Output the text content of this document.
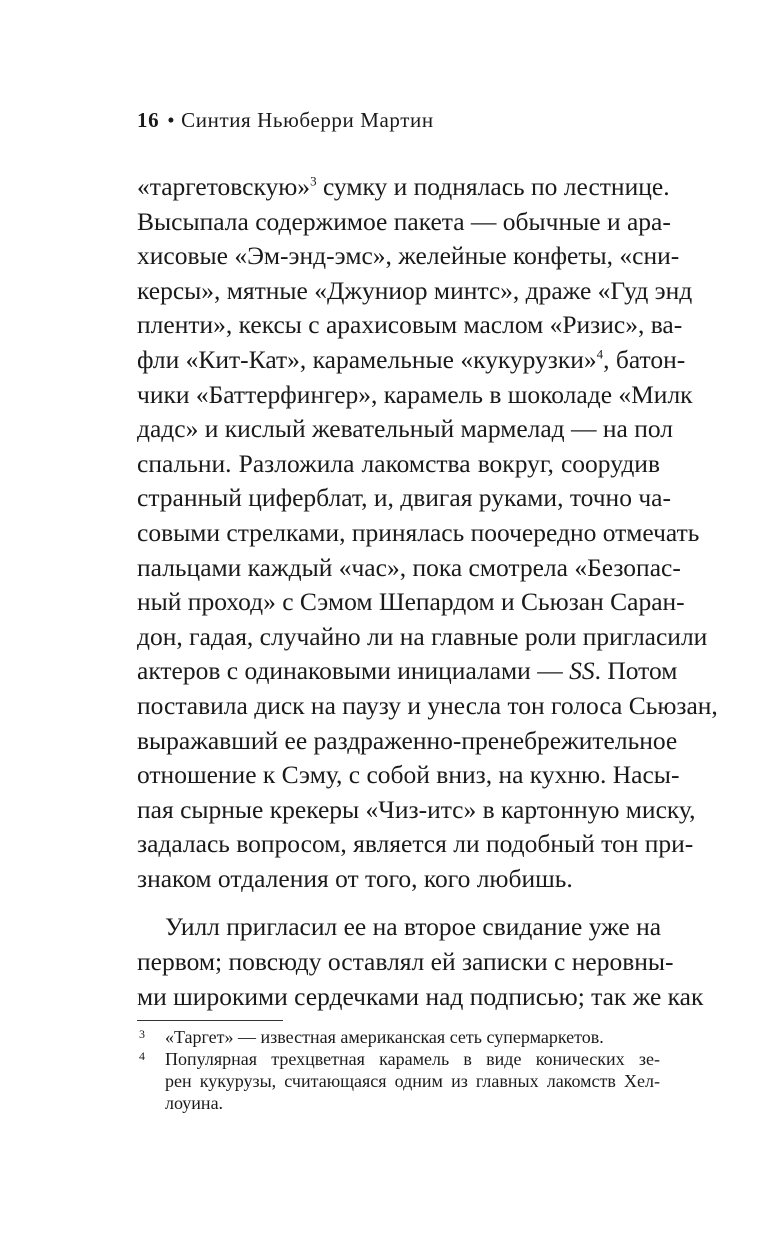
16 • Синтия Ньюберри Мартин
«таргетовскую»$^3$ сумку и поднялась по лестнице.
Высыпала содержимое пакета — обычные и ара-
хисовые «Эм-энд-эмс», желейные конфеты, «сни-
керсы», мятные «Джуниор минтс», драже «Гуд энд
пленти», кексы с арахисовым маслом «Ризис», ва-
фли «Кит-Кат», карамельные «кукурузки»$^4$, батон-
чики «Баттерфингер», карамель в шоколаде «Милк
дадс» и кислый жевательный мармелад — на пол
спальни. Разложила лакомства вокруг, соорудив
странный циферблат, и, двигая руками, точно ча-
совыми стрелками, принялась поочередно отмечать
пальцами каждый «час», пока смотрела «Безопас-
ный проход» с Сэмом Шепардом и Сьюзан Саран-
дон, гадая, случайно ли на главные роли пригласили
актеров с одинаковыми инициалами — SS. Потом
поставила диск на паузу и унесла тон голоса Сьюзан,
выражавший ее раздраженно-пренебрежительное
отношение к Сэму, с собой вниз, на кухню. Насы-
пая сырные крекеры «Чиз-итс» в картонную миску,
задалась вопросом, является ли подобный тон при-
знаком отдаления от того, кого любишь.
Уилл пригласил ее на второе свидание уже на
первом; повсюду оставлял ей записки с неровны-
ми широкими сердечками над подписью; так же как
3 «Таргет» — известная американская сеть супермаркетов.
4 Популярная трехцветная карамель в виде конических зе-
рен кукурузы, считающаяся одним из главных лакомств Хел-
лоуина.
